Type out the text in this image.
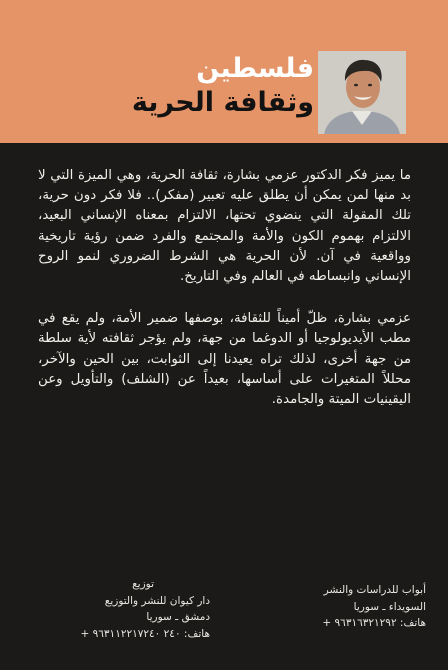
فلسطين
وثقافة الحرية

ما يميز فكر الدكتور عزمي بشارة، ثقافة الحرية، وهي الميزة التي لا بد منها لمن يمكن أن يطلق عليه تعبير (مفكر).. فلا فكر دون حرية، تلك المقولة التي ينضوي تحتها، الالتزام بمعناه الإنساني البعيد، الالتزام بهموم الكون والأمة والمجتمع والفرد ضمن رؤية تاريخية وواقعية في آن. لأن الحرية هي الشرط الضروري لنمو الروح الإنساني وانبساطه في العالم وفي التاريخ.

عزمي بشارة، ظلّ أميناً للثقافة، بوصفها ضمير الأمة، ولم يقع في مطب الأيديولوجيا أو الدوغما من جهة، ولم يؤجر ثقافته لأية سلطة من جهة أخرى، لذلك تراه يعيدنا إلى الثوابت، بين الحين والآخر، محللاً المتغيرات على أساسها، بعيداً عن (الشلف) والتأويل وعن اليقينيات الميتة والجامدة.

توزيع
دار كيوان للنشر والتوزيع
دمشق ـ سوريا
هاتف: ٢٤٠ ٩٦٣١١٢٢١٧٢٤٠ +
أبواب للدراسات والنشر
السويداء ـ سوريا
هاتف: ٩٦٣١٦٣٢١٢٩٢ +
